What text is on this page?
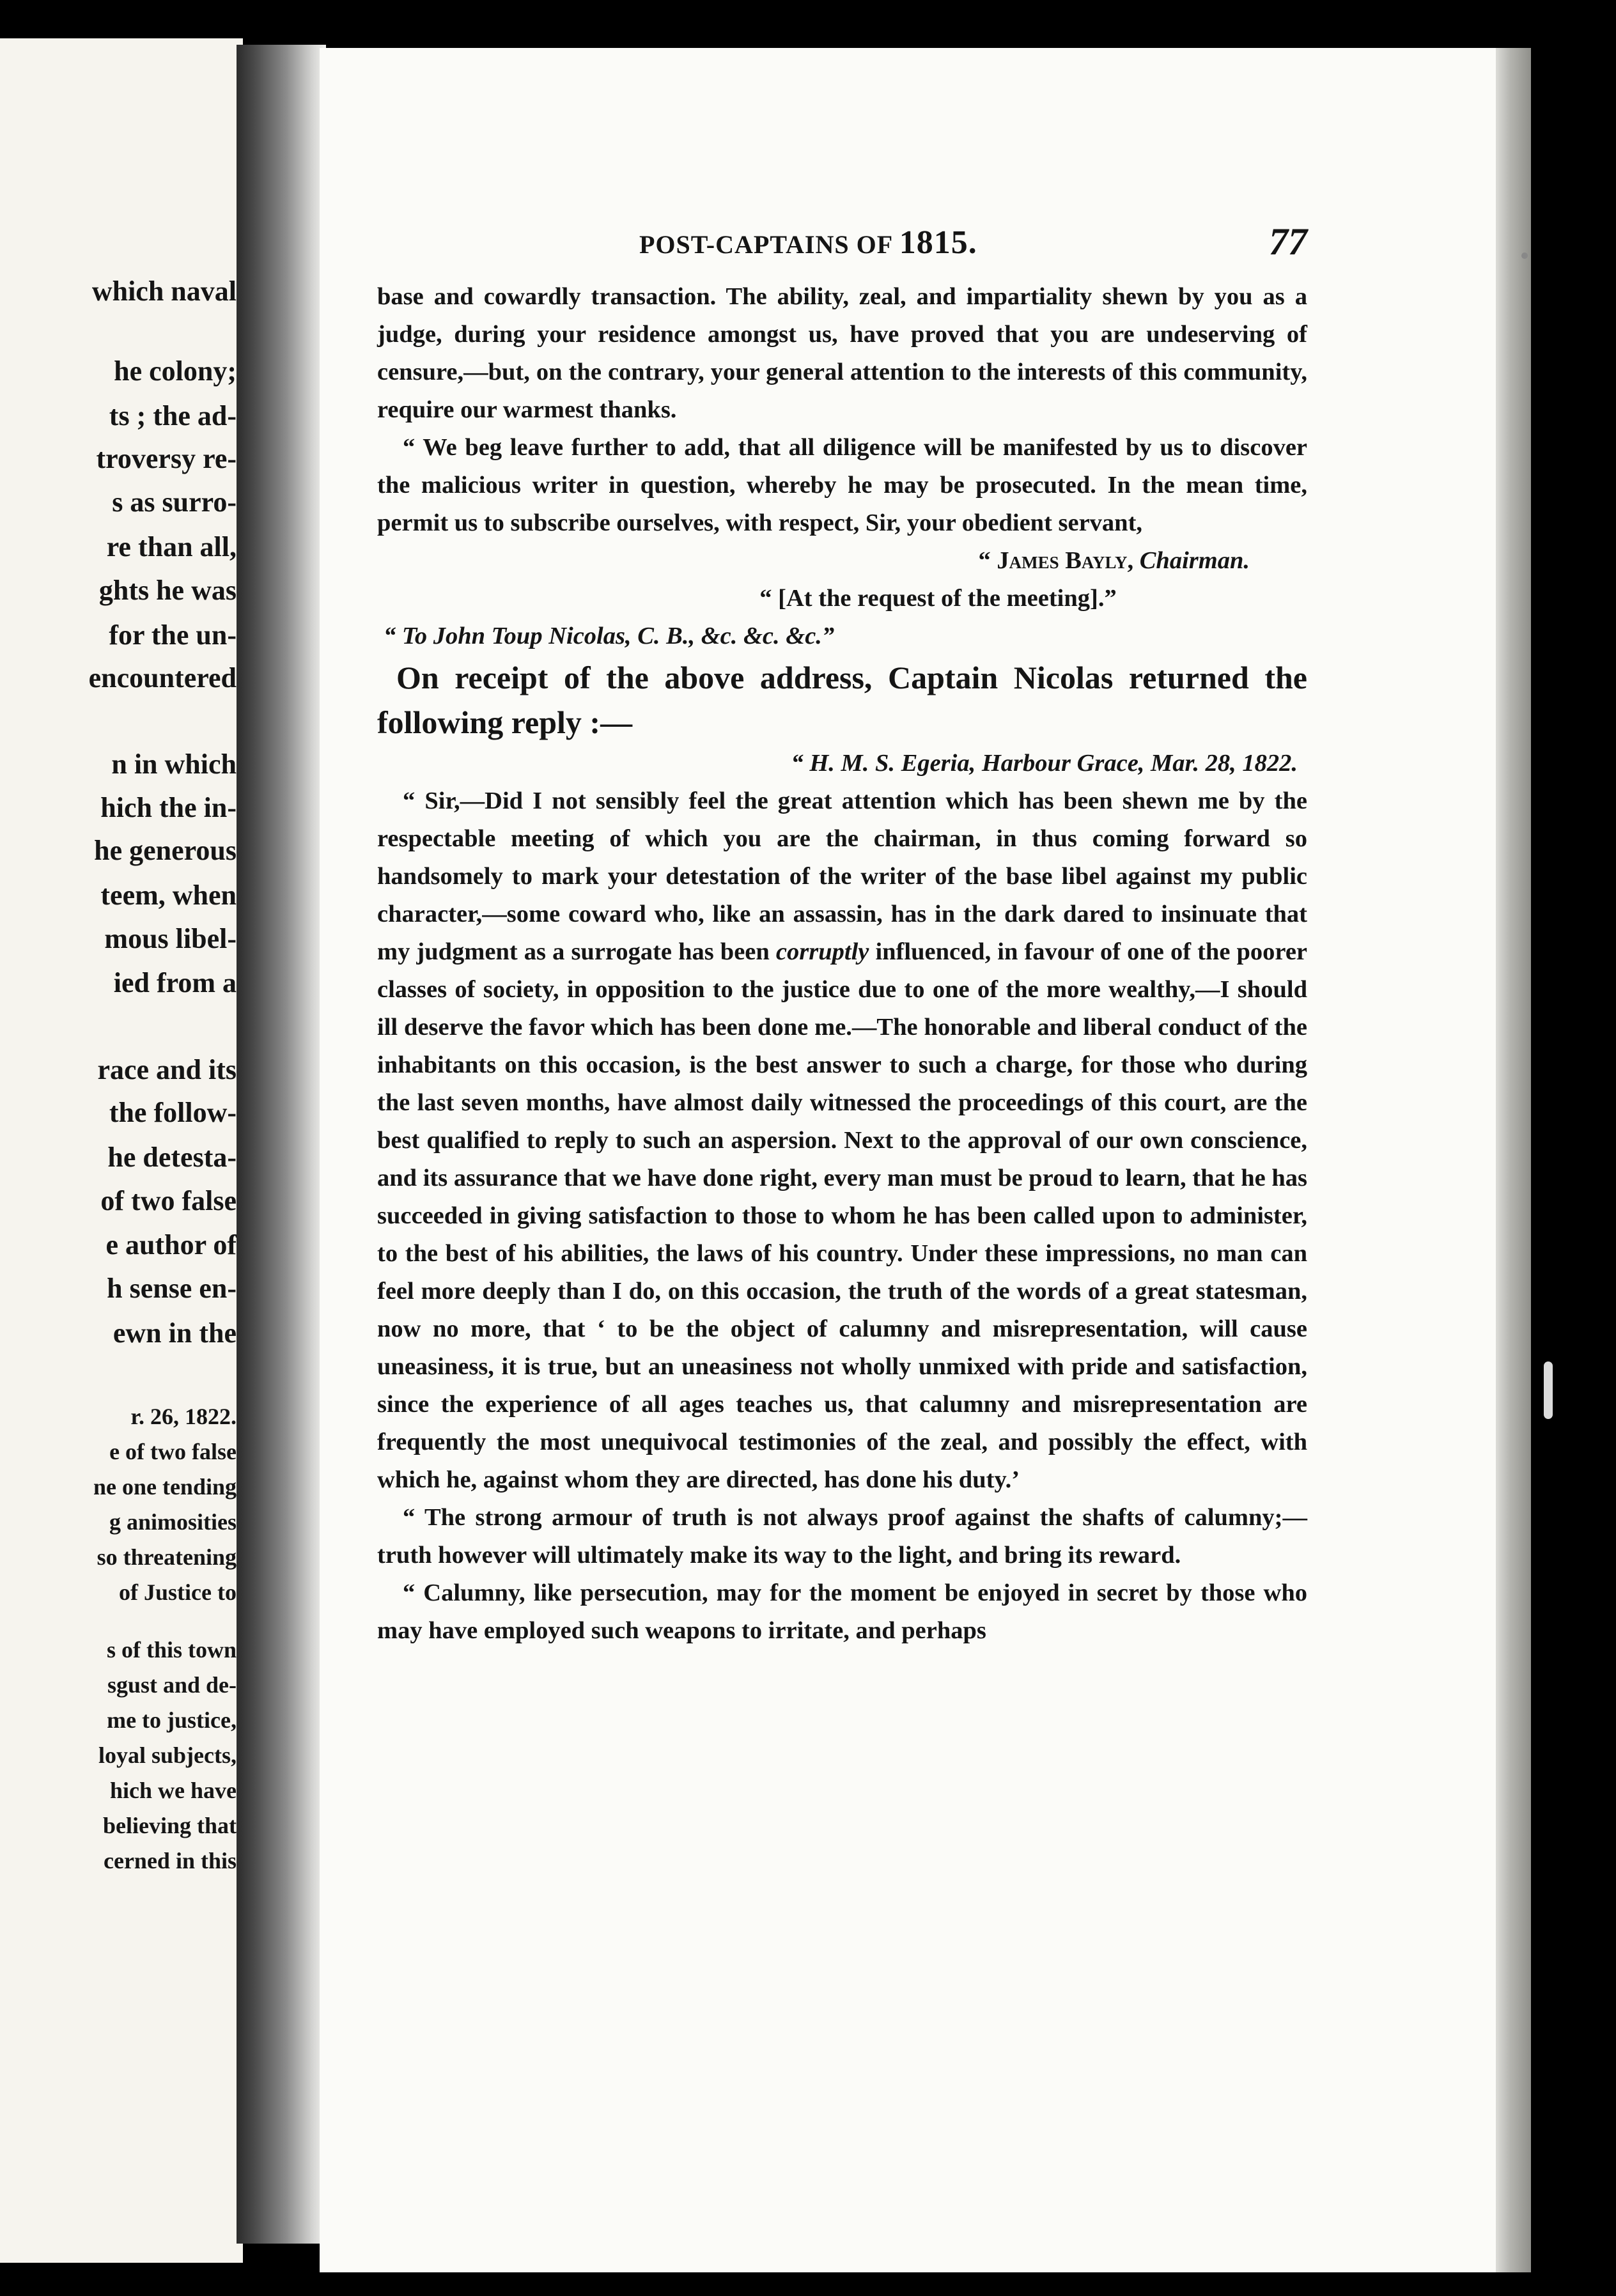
which naval
he colony;
ts ; the ad-
troversy re-
s as surro-
re than all,
ghts he was
for the un-
encountered
n in which
hich the in-
he generous
teem, when
mous libel-
ied from a
race and its
the follow-
he detesta-
of two false
e author of
h sense en-
ewn in the
r. 26, 1822.
e of two false
ne one tending
g animosities
so threatening
of Justice to
s of this town
sgust and de-
me to justice,
loyal subjects,
hich we have
believing that
cerned in this
POST-CAPTAINS OF 1815.	77

base and cowardly transaction. The ability, zeal, and impartiality shewn by you as a judge, during your residence amongst us, have proved that you are undeserving of censure,—but, on the contrary, your general attention to the interests of this community, require our warmest thanks.

“ We beg leave further to add, that all diligence will be manifested by us to discover the malicious writer in question, whereby he may be prosecuted. In the mean time, permit us to subscribe ourselves, with respect, Sir, your obedient servant,

“ James Bayly, Chairman.

“ [At the request of the meeting].”

“ To John Toup Nicolas, C. B., &c. &c. &c.”

On receipt of the above address, Captain Nicolas returned the following reply :—

“ H. M. S. Egeria, Harbour Grace, Mar. 28, 1822.

“ Sir,—Did I not sensibly feel the great attention which has been shewn me by the respectable meeting of which you are the chairman, in thus coming forward so handsomely to mark your detestation of the writer of the base libel against my public character,—some coward who, like an assassin, has in the dark dared to insinuate that my judgment as a surrogate has been corruptly influenced, in favour of one of the poorer classes of society, in opposition to the justice due to one of the more wealthy,—I should ill deserve the favor which has been done me.—The honorable and liberal conduct of the inhabitants on this occasion, is the best answer to such a charge, for those who during the last seven months, have almost daily witnessed the proceedings of this court, are the best qualified to reply to such an aspersion. Next to the approval of our own conscience, and its assurance that we have done right, every man must be proud to learn, that he has succeeded in giving satisfaction to those to whom he has been called upon to administer, to the best of his abilities, the laws of his country. Under these impressions, no man can feel more deeply than I do, on this occasion, the truth of the words of a great statesman, now no more, that ‘ to be the object of calumny and misrepresentation, will cause uneasiness, it is true, but an uneasiness not wholly unmixed with pride and satisfaction, since the experience of all ages teaches us, that calumny and misrepresentation are frequently the most unequivocal testimonies of the zeal, and possibly the effect, with which he, against whom they are directed, has done his duty.’

“ The strong armour of truth is not always proof against the shafts of calumny;—truth however will ultimately make its way to the light, and bring its reward.

“ Calumny, like persecution, may for the moment be enjoyed in secret by those who may have employed such weapons to irritate, and perhaps
